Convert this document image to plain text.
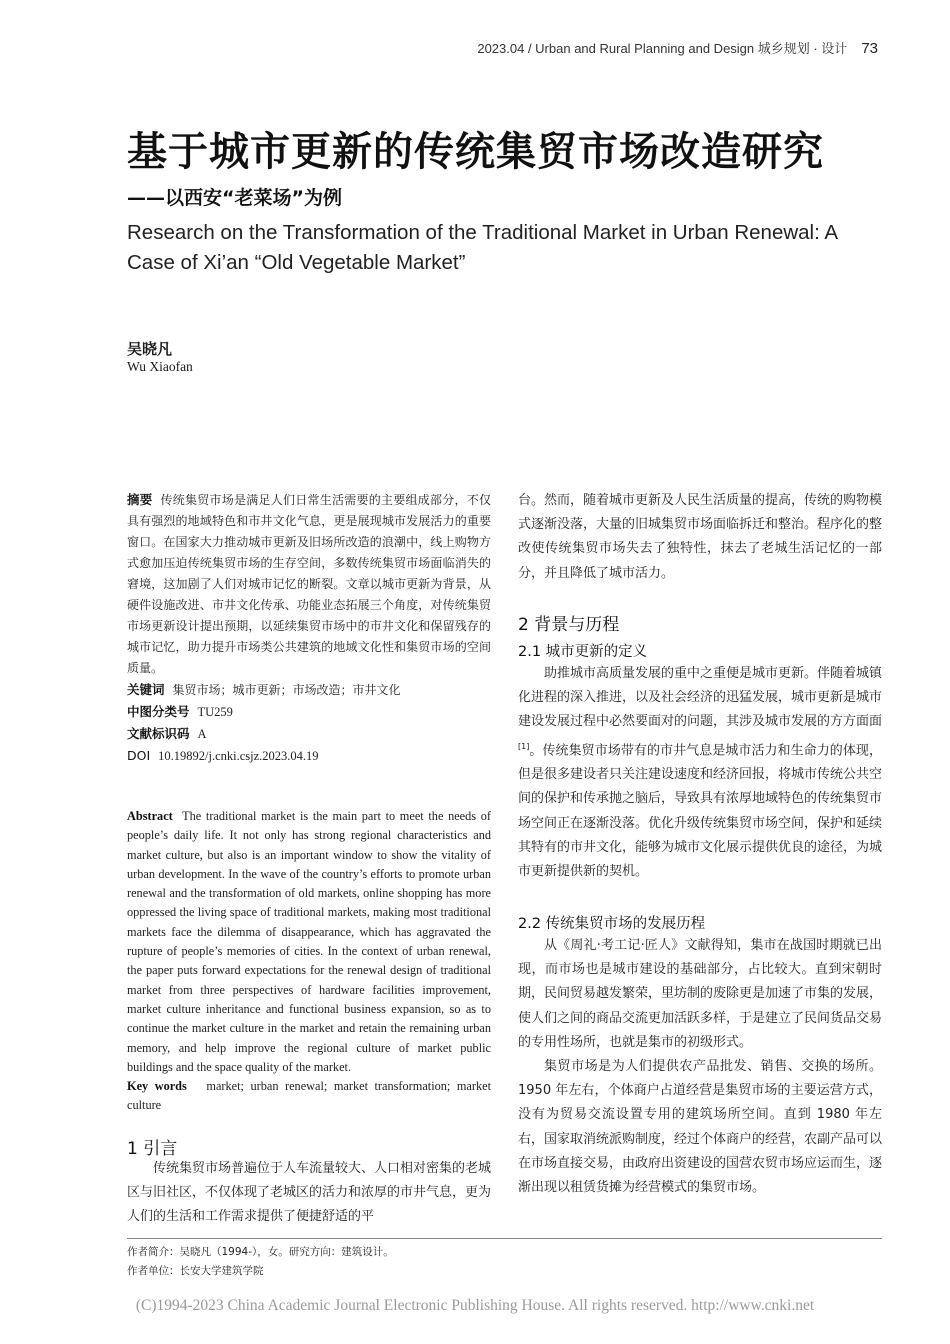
2023.04 / Urban and Rural Planning and Design 城乡规划 · 设计 73
基于城市更新的传统集贸市场改造研究
——以西安“老菜场”为例
Research on the Transformation of the Traditional Market in Urban Renewal: A Case of Xi’an “Old Vegetable Market”
吴晓凡
Wu Xiaofan
摘要 传统集贸市场是满足人们日常生活需要的主要组成部分，不仅具有强烈的地域特色和市井文化气息，更是展现城市发展活力的重要窗口。在国家大力推动城市更新及旧场所改造的浪潮中，线上购物方式愈加压迫传统集贸市场的生存空间，多数传统集贸市场面临消失的窘境，这加剧了人们对城市记忆的断裂。文章以城市更新为背景，从硬件设施改进、市井文化传承、功能业态拓展三个角度，对传统集贸市场更新设计提出预期，以延续集贸市场中的市井文化和保留残存的城市记忆，助力提升市场类公共建筑的地域文化性和集贸市场的空间质量。
关键词 集贸市场；城市更新；市场改造；市井文化
中图分类号 TU259
文献标识码 A
DOI 10.19892/j.cnki.csjz.2023.04.19
Abstract The traditional market is the main part to meet the needs of people’s daily life. It not only has strong regional characteristics and market culture, but also is an important window to show the vitality of urban development. In the wave of the country’s efforts to promote urban renewal and the transformation of old markets, online shopping has more oppressed the living space of traditional markets, making most traditional markets face the dilemma of disappearance, which has aggravated the rupture of people’s memories of cities. In the context of urban renewal, the paper puts forward expectations for the renewal design of traditional market from three perspectives of hardware facilities improvement, market culture inheritance and functional business expansion, so as to continue the market culture in the market and retain the remaining urban memory, and help improve the regional culture of market public buildings and the space quality of the market.
Key words market; urban renewal; market transformation; market culture
1 引言

传统集贸市场普遍位于人车流量较大、人口相对密集的老城区与旧社区，不仅体现了老城区的活力和浓厚的市井气息，更为人们的生活和工作需求提供了便捷舒适的平

台。然而，随着城市更新及人民生活质量的提高，传统的购物模式逐渐没落，大量的旧城集贸市场面临拆迁和整治。程序化的整改使传统集贸市场失去了独特性，抹去了老城生活记忆的一部分，并且降低了城市活力。

2 背景与历程
2.1 城市更新的定义

助推城市高质量发展的重中之重便是城市更新。伴随着城镇化进程的深入推进，以及社会经济的迅猛发展，城市更新是城市建设发展过程中必然要面对的问题，其涉及城市发展的方方面面[1]。传统集贸市场带有的市井气息是城市活力和生命力的体现，但是很多建设者只关注建设速度和经济回报，将城市传统公共空间的保护和传承抛之脑后，导致具有浓厚地域特色的传统集贸市场空间正在逐渐没落。优化升级传统集贸市场空间，保护和延续其特有的市井文化，能够为城市文化展示提供优良的途径，为城市更新提供新的契机。

2.2 传统集贸市场的发展历程

从《周礼·考工记·匠人》文献得知，集市在战国时期就已出现，而市场也是城市建设的基础部分，占比较大。直到宋朝时期，民间贸易越发繁荣，里坊制的废除更是加速了市集的发展，使人们之间的商品交流更加活跃多样，于是建立了民间货品交易的专用性场所，也就是集市的初级形式。

集贸市场是为人们提供农产品批发、销售、交换的场所。1950 年左右，个体商户占道经营是集贸市场的主要运营方式，没有为贸易交流设置专用的建筑场所空间。直到 1980 年左右，国家取消统派购制度，经过个体商户的经营，农副产品可以在市场直接交易，由政府出资建设的国营农贸市场应运而生，逐渐出现以租赁货摊为经营模式的集贸市场。

作者简介：吴晓凡（1994-），女。研究方向：建筑设计。
作者单位：长安大学建筑学院
(C)1994-2023 China Academic Journal Electronic Publishing House. All rights reserved. http://www.cnki.net
